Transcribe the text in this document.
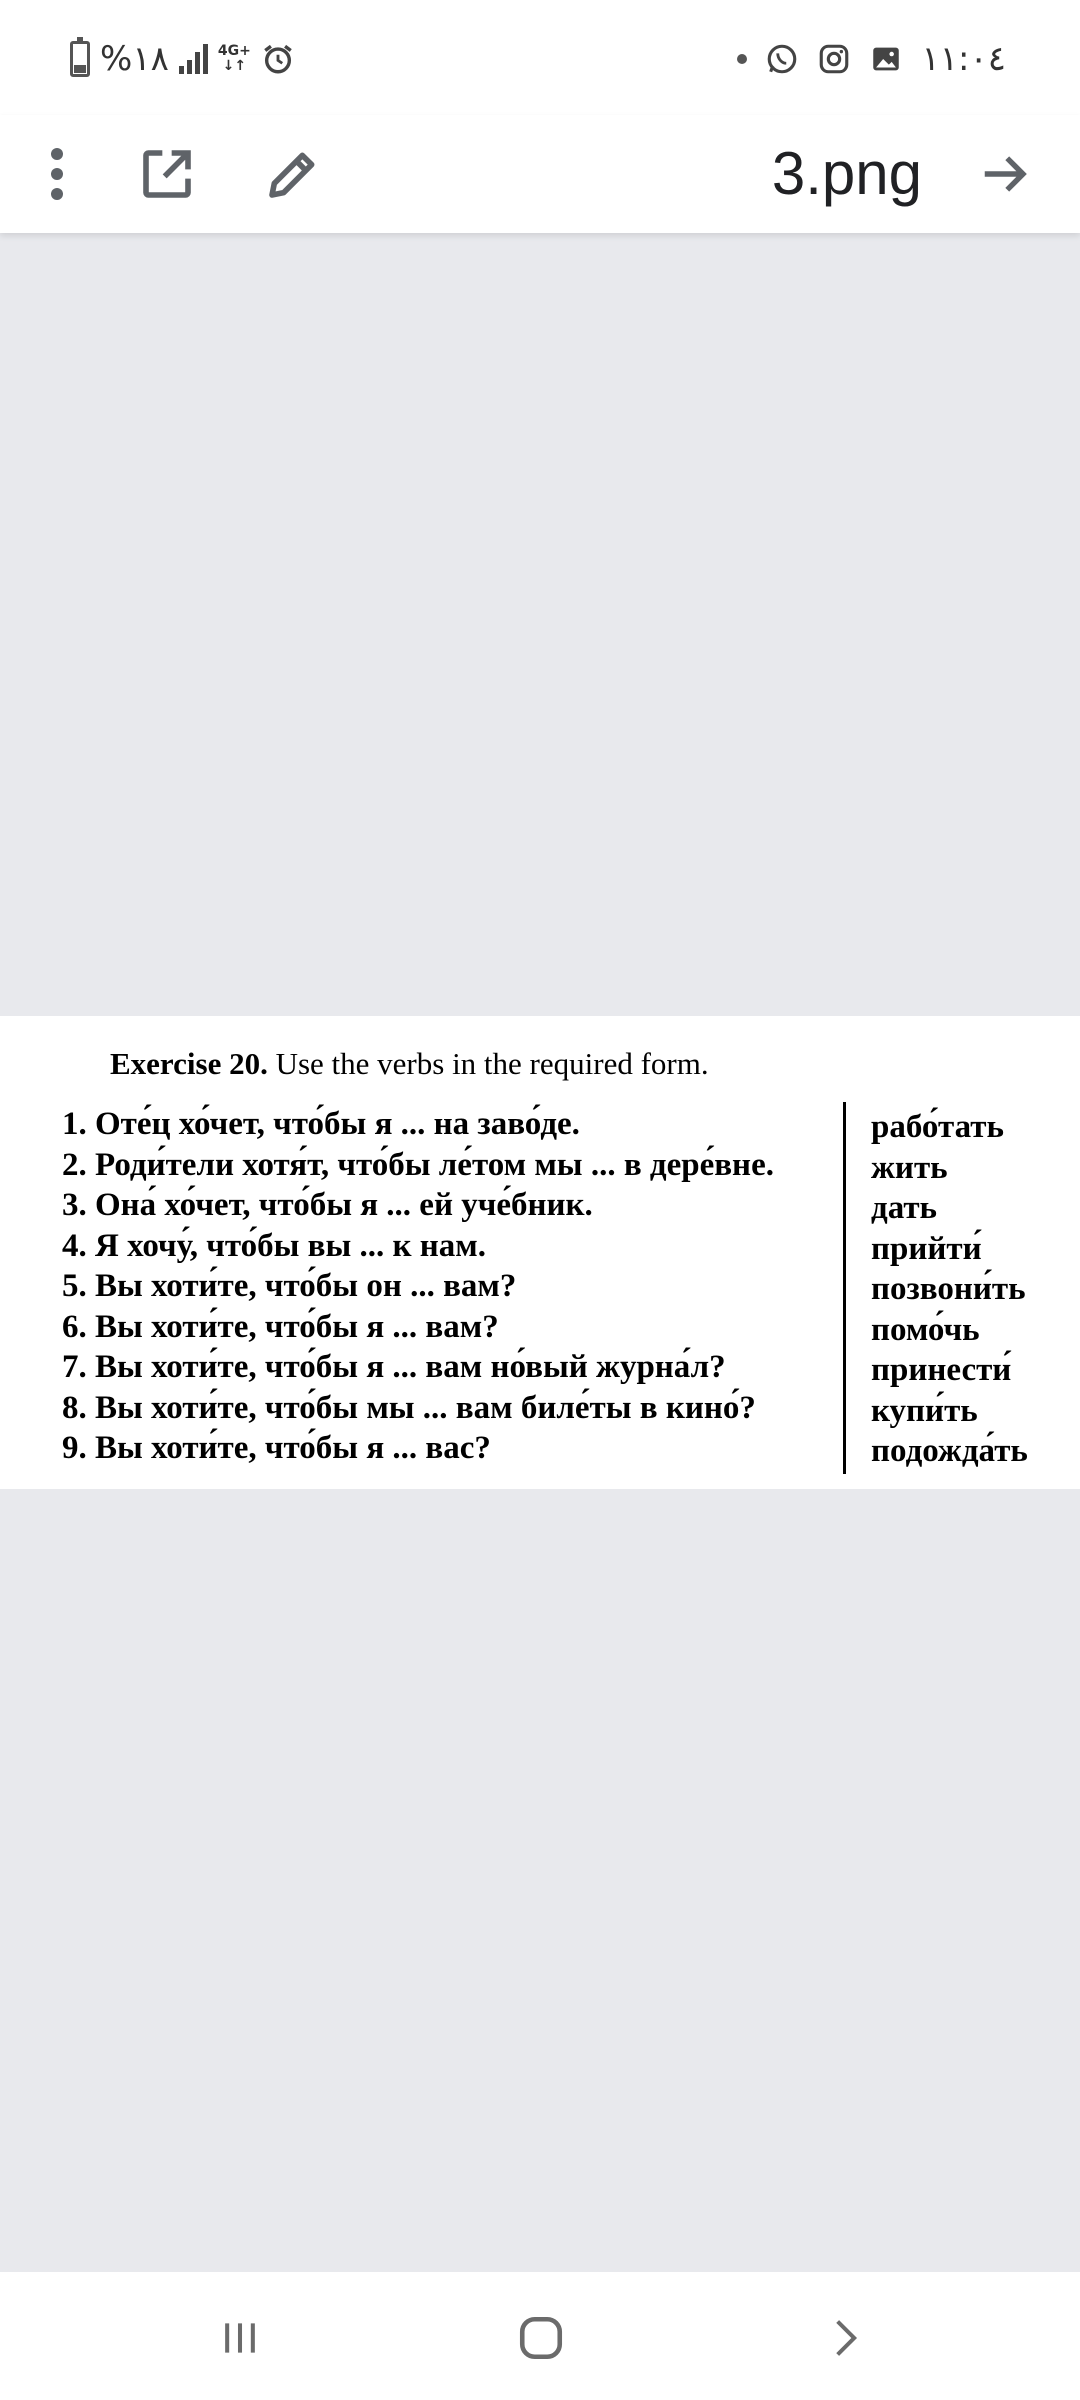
%١٨	4G+
↓↑	١١:٠٤
3.png
Exercise 20. Use the verbs in the required form.
1. Оте́ц хо́чет, что́бы я ... на заво́де.
2. Роди́тели хотя́т, что́бы ле́том мы ... в дере́вне.
3. Она́ хо́чет, что́бы я ... ей уче́бник.
4. Я хочу́, что́бы вы ... к нам.
5. Вы хоти́те, что́бы он ... вам?
6. Вы хоти́те, что́бы я ... вам?
7. Вы хоти́те, что́бы я ... вам но́вый журна́л?
8. Вы хоти́те, что́бы мы ... вам биле́ты в кино́?
9. Вы хоти́те, что́бы я ... вас?
рабо́тать
жить
дать
прийти́
позвони́ть
помо́чь
принести́
купи́ть
подожда́ть
